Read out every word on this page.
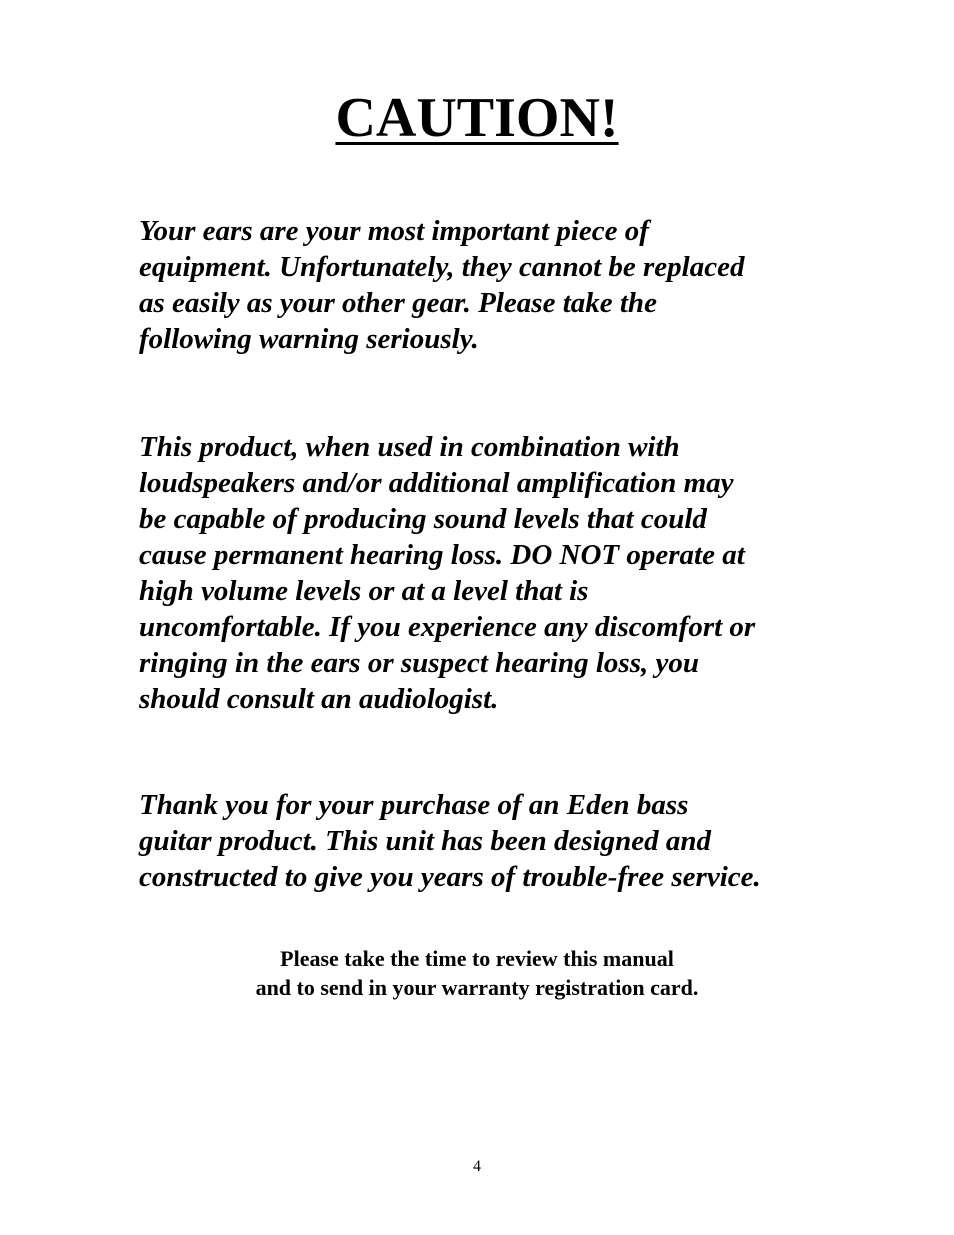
CAUTION!

Your ears are your most important piece of
equipment. Unfortunately, they cannot be replaced
as easily as your other gear. Please take the
following warning seriously.

This product, when used in combination with
loudspeakers and/or additional amplification may
be capable of producing sound levels that could
cause permanent hearing loss. DO NOT operate at
high volume levels or at a level that is
uncomfortable. If you experience any discomfort or
ringing in the ears or suspect hearing loss, you
should consult an audiologist.

Thank you for your purchase of an Eden bass
guitar product. This unit has been designed and
constructed to give you years of trouble-free service.

Please take the time to review this manual
and to send in your warranty registration card.

4
